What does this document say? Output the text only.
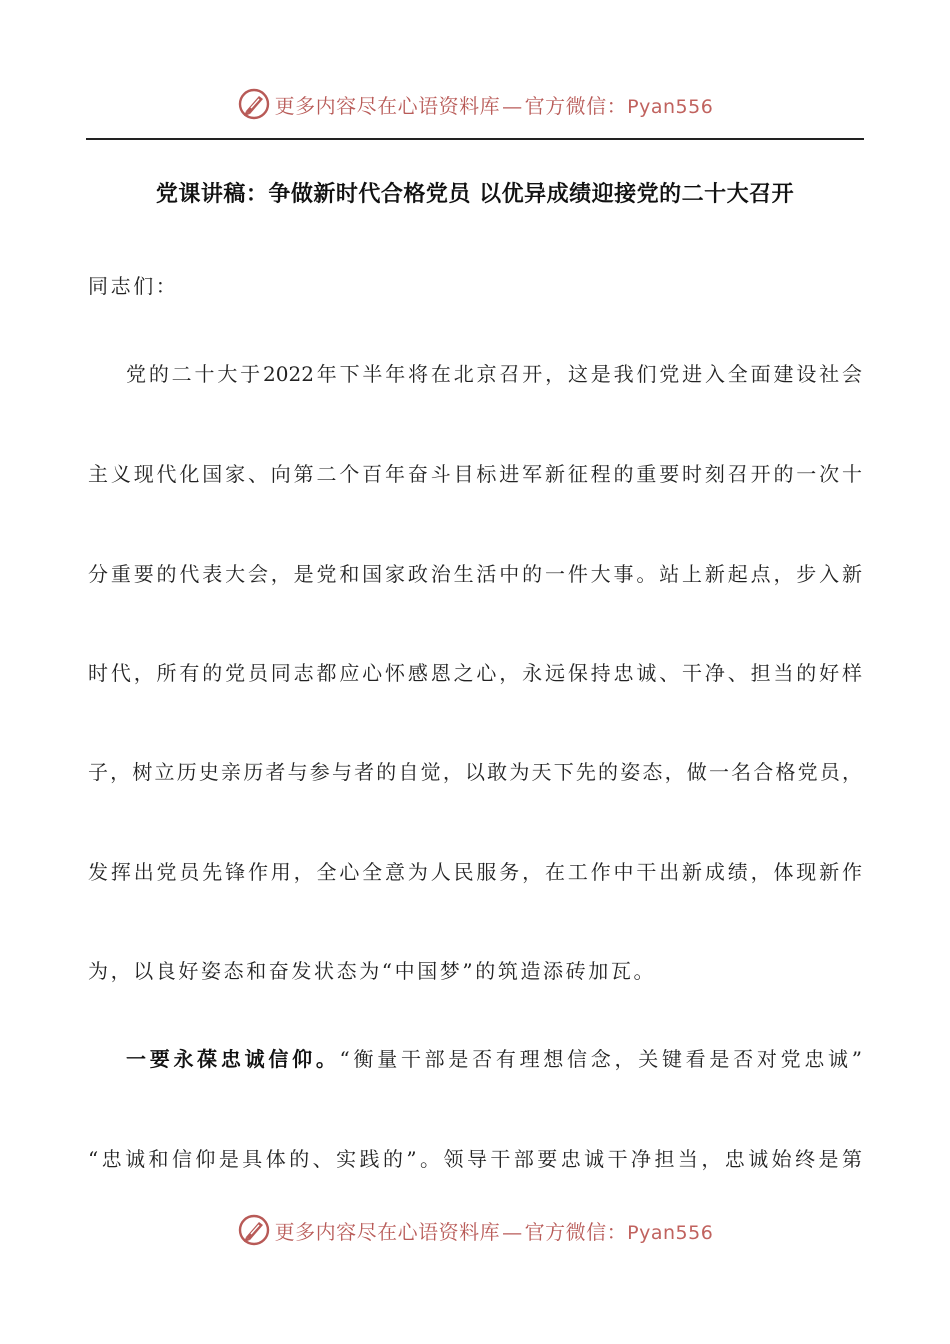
更多内容尽在心语资料库 — 官方微信：Pyan556
党课讲稿：争做新时代合格党员 以优异成绩迎接党的二十大召开
同志们：
党的二十大于2022年下半年将在北京召开，这是我们党进入全面建设社会
主义现代化国家、向第二个百年奋斗目标进军新征程的重要时刻召开的一次十
分重要的代表大会，是党和国家政治生活中的一件大事。站上新起点，步入新
时代，所有的党员同志都应心怀感恩之心，永远保持忠诚、干净、担当的好样
子，树立历史亲历者与参与者的自觉，以敢为天下先的姿态，做一名合格党员，
发挥出党员先锋作用，全心全意为人民服务，在工作中干出新成绩，体现新作
为，以良好姿态和奋发状态为“中国梦”的筑造添砖加瓦。
一要永葆忠诚信仰。“衡量干部是否有理想信念，关键看是否对党忠诚”
“忠诚和信仰是具体的、实践的”。领导干部要忠诚干净担当，忠诚始终是第
更多内容尽在心语资料库 — 官方微信：Pyan556
